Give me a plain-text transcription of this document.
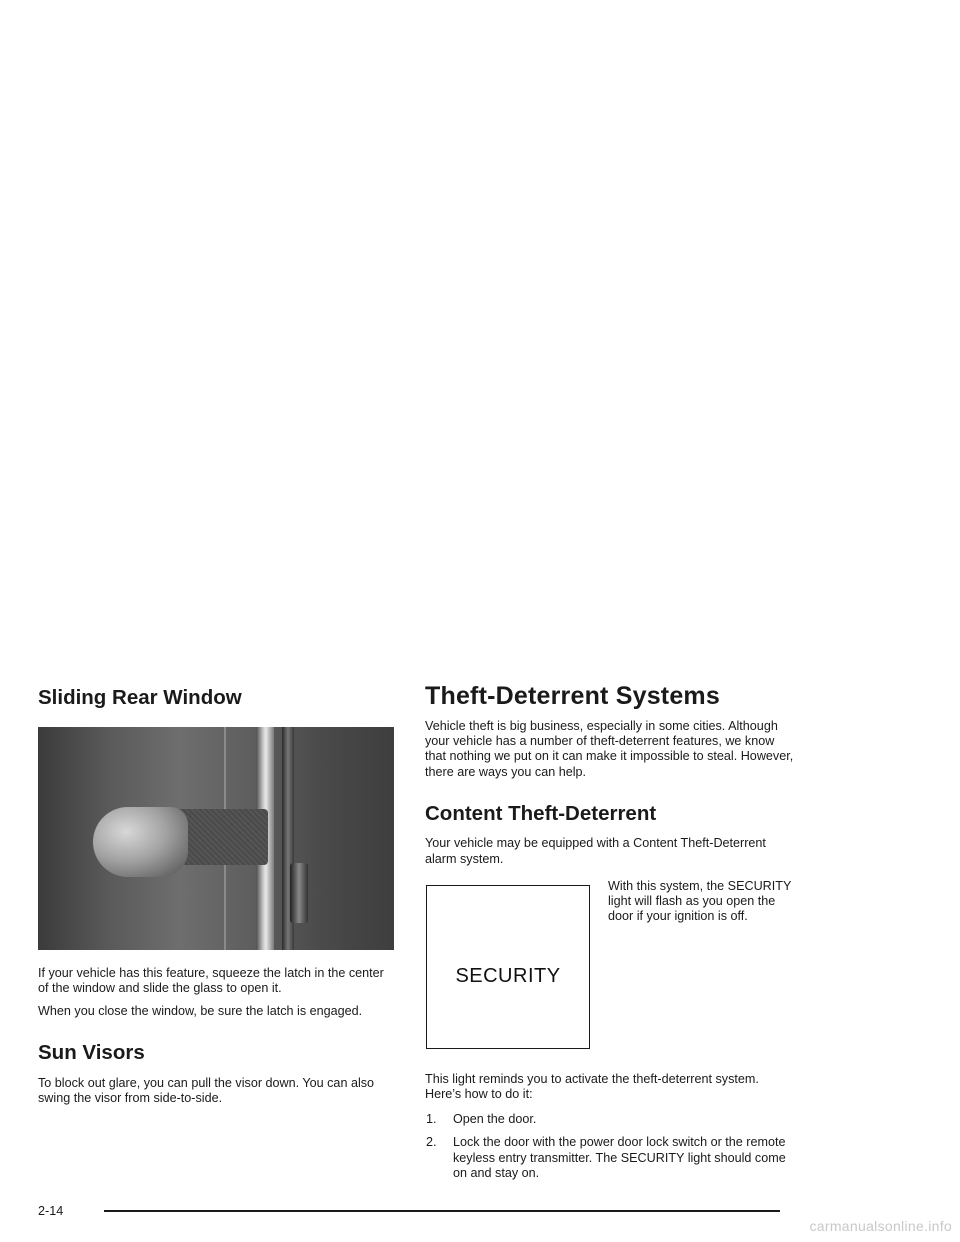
Sliding Rear Window

If your vehicle has this feature, squeeze the latch in the center of the window and slide the glass to open it.

When you close the window, be sure the latch is engaged.

Sun Visors

To block out glare, you can pull the visor down. You can also swing the visor from side-to-side.

Theft-Deterrent Systems

Vehicle theft is big business, especially in some cities. Although your vehicle has a number of theft-deterrent features, we know that nothing we put on it can make it impossible to steal. However, there are ways you can help.

Content Theft-Deterrent

Your vehicle may be equipped with a Content Theft-Deterrent alarm system.

SECURITY

With this system, the SECURITY light will flash as you open the door if your ignition is off.

This light reminds you to activate the theft-deterrent system. Here’s how to do it:

1.	Open the door.
2.	Lock the door with the power door lock switch or the remote keyless entry transmitter. The SECURITY light should come on and stay on.
2-14
carmanualsonline.info
